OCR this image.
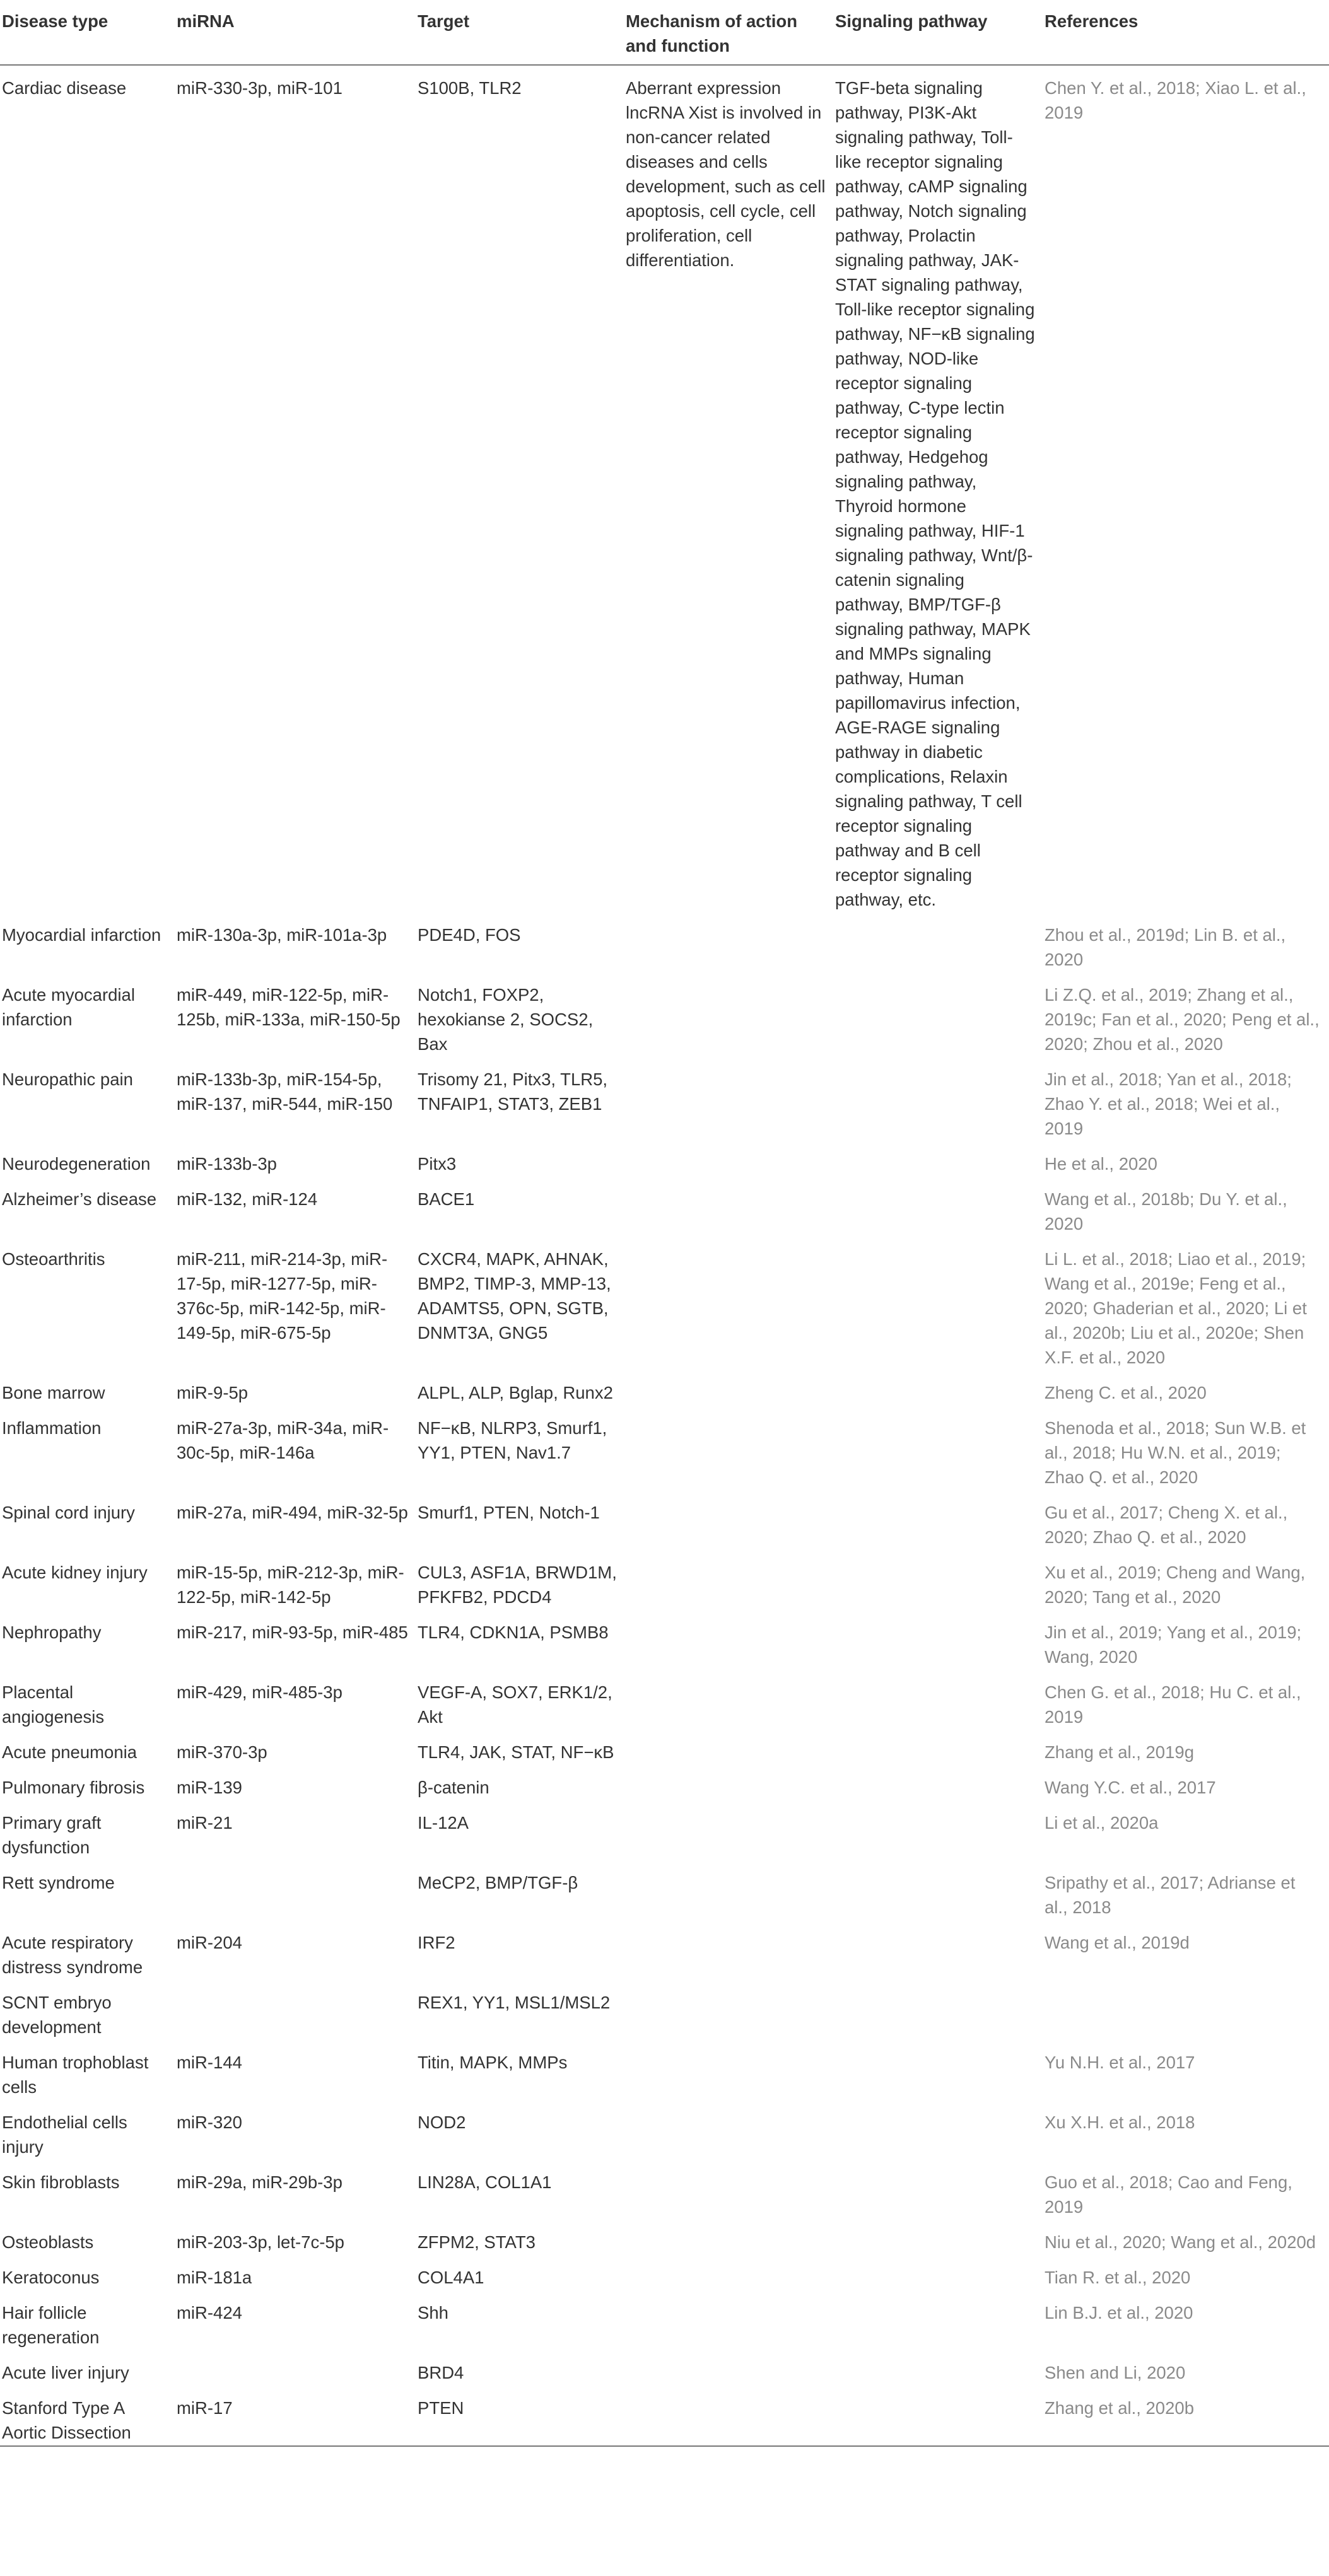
Disease type	miRNA	Target	Mechanism of action and function	Signaling pathway	References
Cardiac disease	miR-330-3p, miR-101	S100B, TLR2	Aberrant expression lncRNA Xist is involved in non-cancer related diseases and cells development, such as cell apoptosis, cell cycle, cell proliferation, cell differentiation.	TGF-beta signaling pathway, PI3K-Akt signaling pathway, Toll-like receptor signaling pathway, cAMP signaling pathway, Notch signaling pathway, Prolactin signaling pathway, JAK-STAT signaling pathway, Toll-like receptor signaling pathway, NF−κB signaling pathway, NOD-like receptor signaling pathway, C-type lectin receptor signaling pathway, Hedgehog signaling pathway, Thyroid hormone signaling pathway, HIF-1 signaling pathway, Wnt/β-catenin signaling pathway, BMP/TGF-β signaling pathway, MAPK and MMPs signaling pathway, Human papillomavirus infection, AGE-RAGE signaling pathway in diabetic complications, Relaxin signaling pathway, T cell receptor signaling pathway and B cell receptor signaling pathway, etc.	Chen Y. et al., 2018; Xiao L. et al., 2019
Myocardial infarction	miR-130a-3p, miR-101a-3p	PDE4D, FOS			Zhou et al., 2019d; Lin B. et al., 2020
Acute myocardial infarction	miR-449, miR-122-5p, miR-125b, miR-133a, miR-150-5p	Notch1, FOXP2, hexokianse 2, SOCS2, Bax			Li Z.Q. et al., 2019; Zhang et al., 2019c; Fan et al., 2020; Peng et al., 2020; Zhou et al., 2020
Neuropathic pain	miR-133b-3p, miR-154-5p, miR-137, miR-544, miR-150	Trisomy 21, Pitx3, TLR5, TNFAIP1, STAT3, ZEB1			Jin et al., 2018; Yan et al., 2018; Zhao Y. et al., 2018; Wei et al., 2019
Neurodegeneration	miR-133b-3p	Pitx3			He et al., 2020
Alzheimer’s disease	miR-132, miR-124	BACE1			Wang et al., 2018b; Du Y. et al., 2020
Osteoarthritis	miR-211, miR-214-3p, miR-17-5p, miR-1277-5p, miR-376c-5p, miR-142-5p, miR-149-5p, miR-675-5p	CXCR4, MAPK, AHNAK, BMP2, TIMP-3, MMP-13, ADAMTS5, OPN, SGTB, DNMT3A, GNG5			Li L. et al., 2018; Liao et al., 2019; Wang et al., 2019e; Feng et al., 2020; Ghaderian et al., 2020; Li et al., 2020b; Liu et al., 2020e; Shen X.F. et al., 2020
Bone marrow	miR-9-5p	ALPL, ALP, Bglap, Runx2			Zheng C. et al., 2020
Inflammation	miR-27a-3p, miR-34a, miR-30c-5p, miR-146a	NF−κB, NLRP3, Smurf1, YY1, PTEN, Nav1.7			Shenoda et al., 2018; Sun W.B. et al., 2018; Hu W.N. et al., 2019; Zhao Q. et al., 2020
Spinal cord injury	miR-27a, miR-494, miR-32-5p	Smurf1, PTEN, Notch-1			Gu et al., 2017; Cheng X. et al., 2020; Zhao Q. et al., 2020
Acute kidney injury	miR-15-5p, miR-212-3p, miR-122-5p, miR-142-5p	CUL3, ASF1A, BRWD1M, PFKFB2, PDCD4			Xu et al., 2019; Cheng and Wang, 2020; Tang et al., 2020
Nephropathy	miR-217, miR-93-5p, miR-485	TLR4, CDKN1A, PSMB8			Jin et al., 2019; Yang et al., 2019; Wang, 2020
Placental angiogenesis	miR-429, miR-485-3p	VEGF-A, SOX7, ERK1/2, Akt			Chen G. et al., 2018; Hu C. et al., 2019
Acute pneumonia	miR-370-3p	TLR4, JAK, STAT, NF−κB			Zhang et al., 2019g
Pulmonary fibrosis	miR-139	β-catenin			Wang Y.C. et al., 2017
Primary graft dysfunction	miR-21	IL-12A			Li et al., 2020a
Rett syndrome		MeCP2, BMP/TGF-β			Sripathy et al., 2017; Adrianse et al., 2018
Acute respiratory distress syndrome	miR-204	IRF2			Wang et al., 2019d
SCNT embryo development		REX1, YY1, MSL1/MSL2			
Human trophoblast cells	miR-144	Titin, MAPK, MMPs			Yu N.H. et al., 2017
Endothelial cells injury	miR-320	NOD2			Xu X.H. et al., 2018
Skin fibroblasts	miR-29a, miR-29b-3p	LIN28A, COL1A1			Guo et al., 2018; Cao and Feng, 2019
Osteoblasts	miR-203-3p, let-7c-5p	ZFPM2, STAT3			Niu et al., 2020; Wang et al., 2020d
Keratoconus	miR-181a	COL4A1			Tian R. et al., 2020
Hair follicle regeneration	miR-424	Shh			Lin B.J. et al., 2020
Acute liver injury		BRD4			Shen and Li, 2020
Stanford Type A Aortic Dissection	miR-17	PTEN			Zhang et al., 2020b
